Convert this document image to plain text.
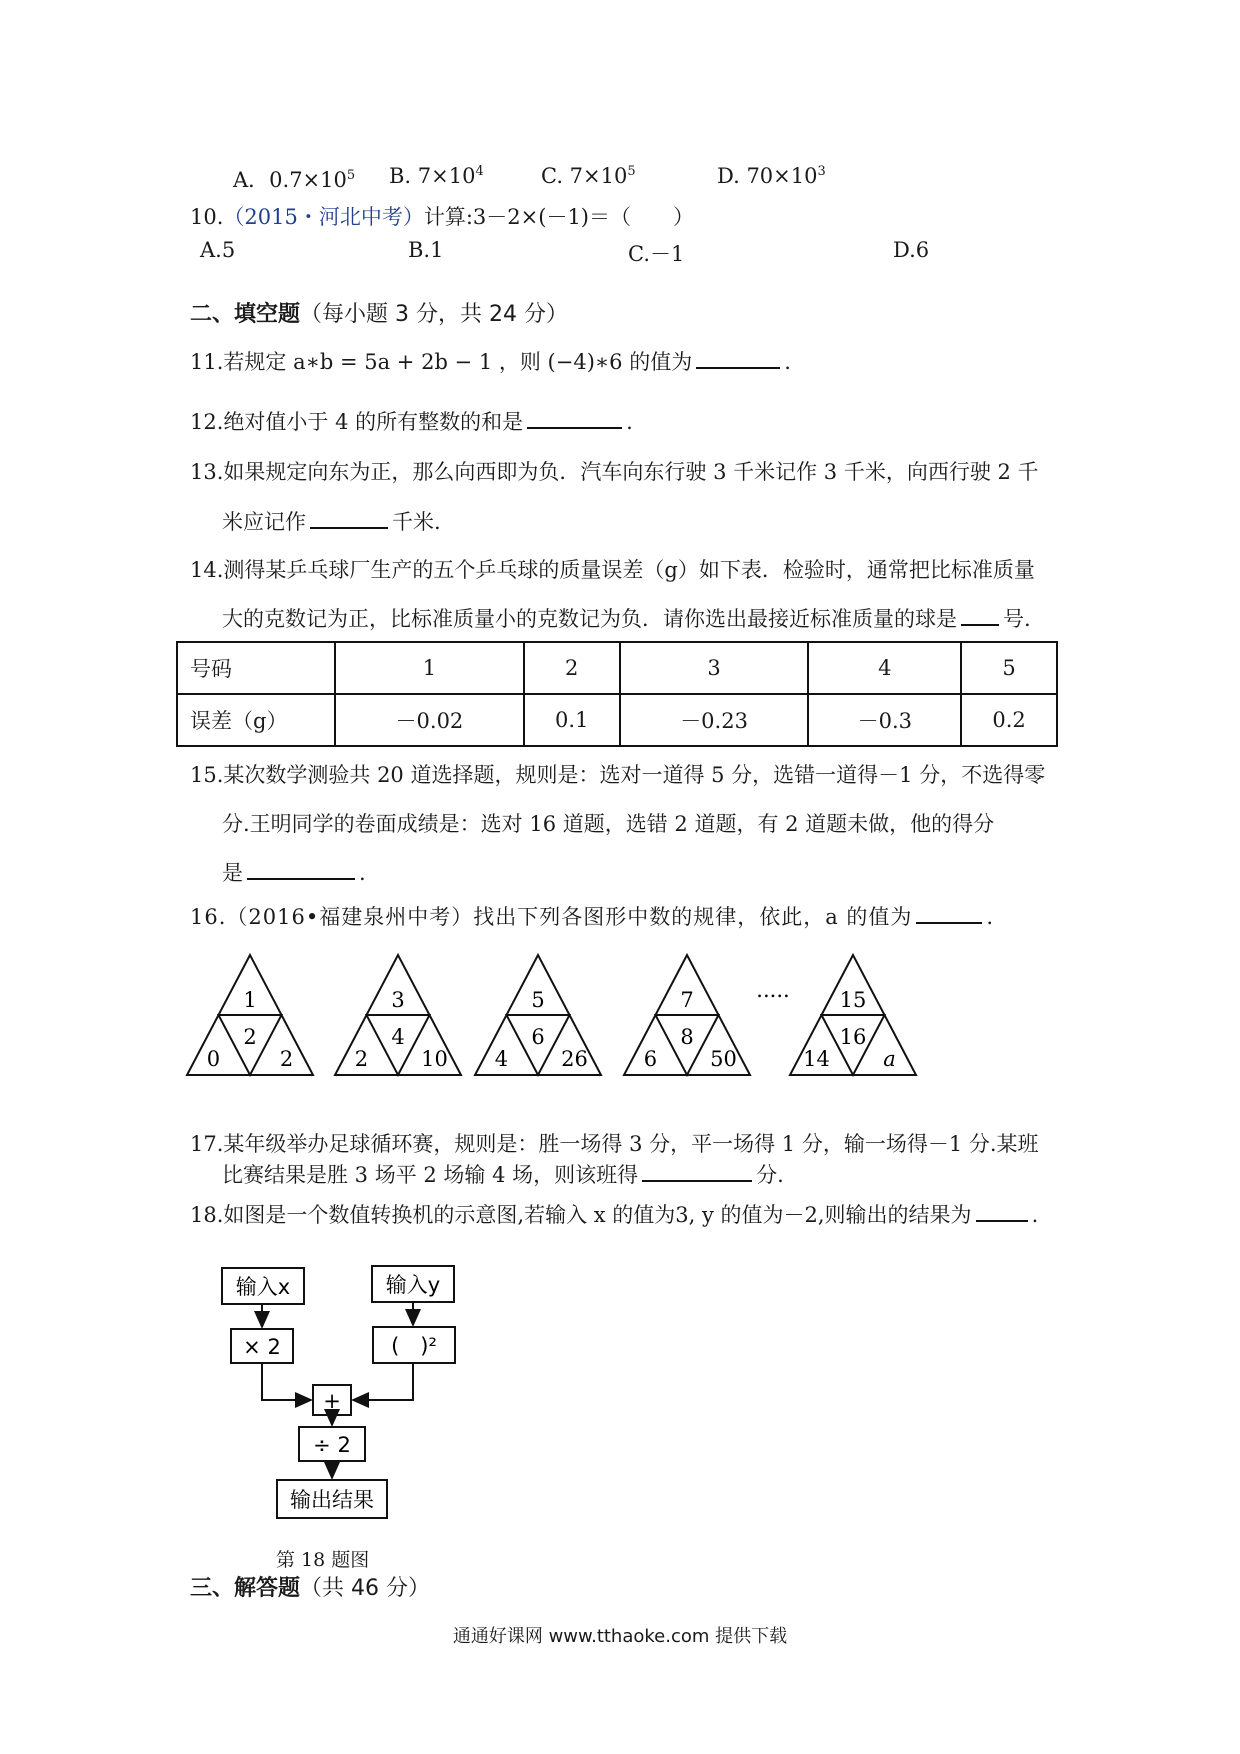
A．$0.7\times 10^5$ B. $7\times 10^4$	C. $7\times 10^5$	D. $70\times 10^3$
10.（2015・河北中考）计算:3－2×(－1)＝（　　）
A.5	B.1	C.－1	D.6
二、填空题（每小题 3 分，共 24 分）
11.若规定 a∗b = 5a + 2b − 1 ，则 (−4)∗6 的值为	.
12.绝对值小于 4 的所有整数的和是	.
13.如果规定向东为正，那么向西即为负．汽车向东行驶 3 千米记作 3 千米，向西行驶 2 千
米应记作	千米.
14.测得某乒乓球厂生产的五个乒乓球的质量误差（g）如下表．检验时，通常把比标准质量
大的克数记为正，比标准质量小的克数记为负．请你选出最接近标准质量的球是 号.
号码	1	2	3	4	5
误差（g）	－0.02	0.1	－0.23	－0.3	0.2
15.某次数学测验共 20 道选择题，规则是：选对一道得 5 分，选错一道得－1 分，不选得零
分.王明同学的卷面成绩是：选对 16 道题，选错 2 道题，有 2 道题未做，他的得分
是	.
16.（2016•福建泉州中考）找出下列各图形中数的规律，依此，a 的值为	.
1
2
0	2
3
4
2	10
5
6
4	26
7
8
6	50
15
16
14	a
.....
17.某年级举办足球循环赛，规则是：胜一场得 3 分，平一场得 1 分，输一场得－1 分.某班
比赛结果是胜 3 场平 2 场输 4 场，则该班得	分.
18.如图是一个数值转换机的示意图,若输入 x 的值为3, y 的值为－2,则输出的结果为	.
输入x	输入y
× 2	(　)²
+
÷ 2
输出结果
第 18 题图
三、解答题（共 46 分）
通通好课网 www.tthaoke.com 提供下载
